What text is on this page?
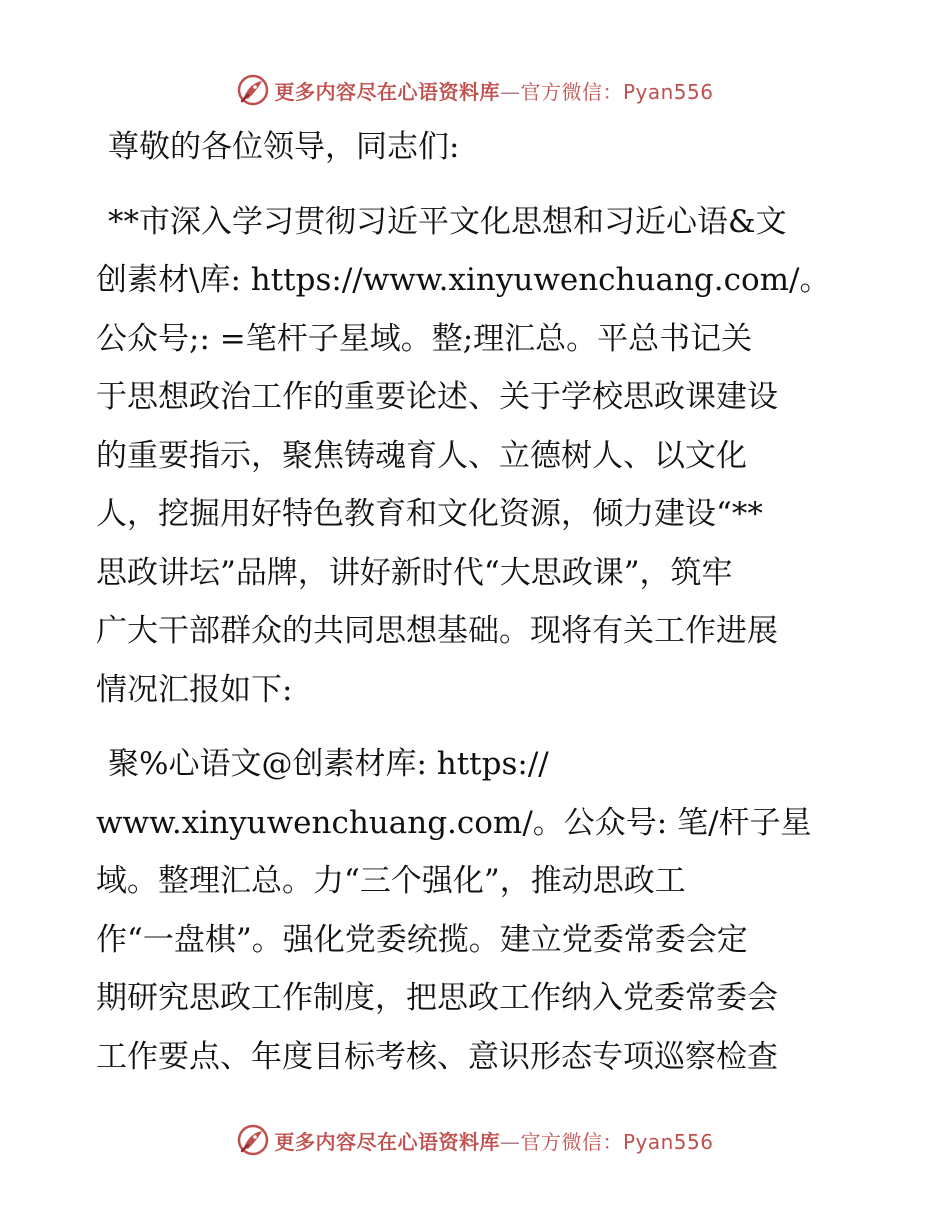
更多内容尽在心语资料库—官方微信：Pyan556

尊敬的各位领导，同志们:

**市深入学习贯彻习近平文化思想和习近心语&文
创素材\库: https://www.xinyuwenchuang.com/。
公众号;: =笔杆子星域。整;理汇总。平总书记关
于思想政治工作的重要论述、关于学校思政课建设
的重要指示，聚焦铸魂育人、立德树人、以文化
人，挖掘用好特色教育和文化资源，倾力建设“**
思政讲坛”品牌，讲好新时代“大思政课”，筑牢
广大干部群众的共同思想基础。现将有关工作进展
情况汇报如下:

聚%心语文@创素材库: https://
www.xinyuwenchuang.com/。公众号: 笔/杆子星
域。整理汇总。力“三个强化”，推动思政工
作“一盘棋”。强化党委统揽。建立党委常委会定
期研究思政工作制度，把思政工作纳入党委常委会
工作要点、年度目标考核、意识形态专项巡察检查

更多内容尽在心语资料库—官方微信：Pyan556
